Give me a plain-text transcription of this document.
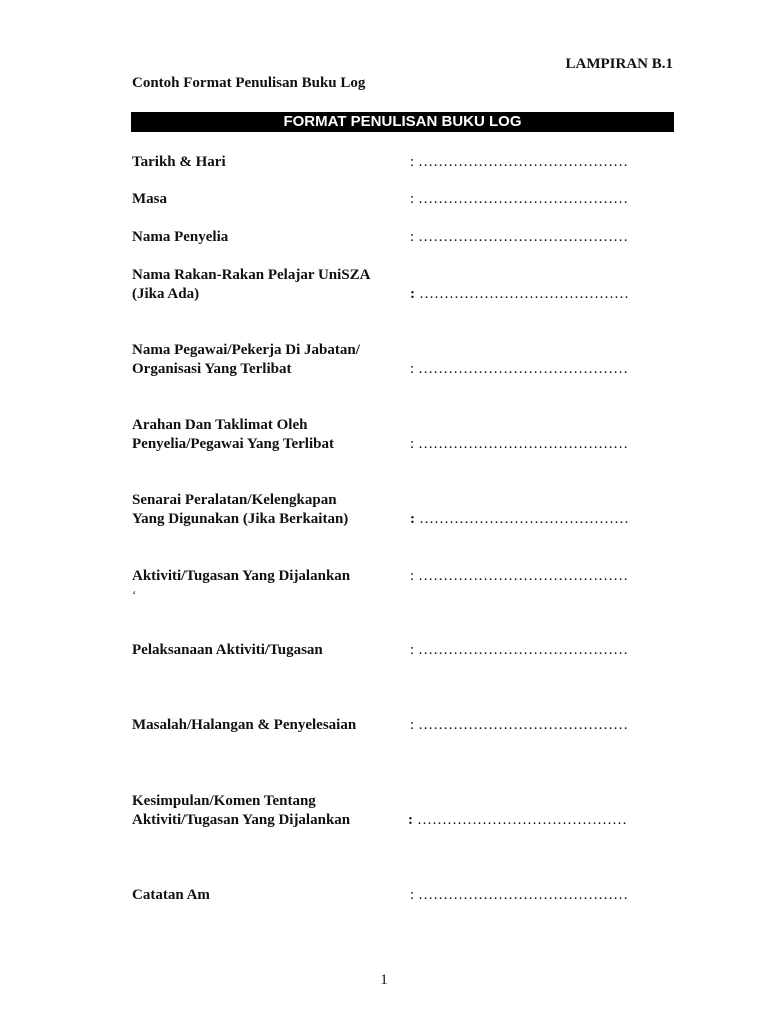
LAMPIRAN B.1
Contoh Format Penulisan Buku Log
FORMAT PENULISAN BUKU LOG
Tarikh & Hari	: ……………………………………
Masa	: ……………………………………
Nama Penyelia	: ……………………………………
Nama Rakan-Rakan Pelajar UniSZA
(Jika Ada)	: ……………………………………
Nama Pegawai/Pekerja Di Jabatan/
Organisasi Yang Terlibat	: ……………………………………
Arahan Dan Taklimat Oleh
Penyelia/Pegawai Yang Terlibat	: ……………………………………
Senarai Peralatan/Kelengkapan
Yang Digunakan (Jika Berkaitan)	: ……………………………………
Aktiviti/Tugasan Yang Dijalankan	: ……………………………………
‘
Pelaksanaan Aktiviti/Tugasan	: ……………………………………
Masalah/Halangan & Penyelesaian	: ……………………………………
Kesimpulan/Komen Tentang
Aktiviti/Tugasan Yang Dijalankan	: ……………………………………
Catatan Am	: ……………………………………
1
